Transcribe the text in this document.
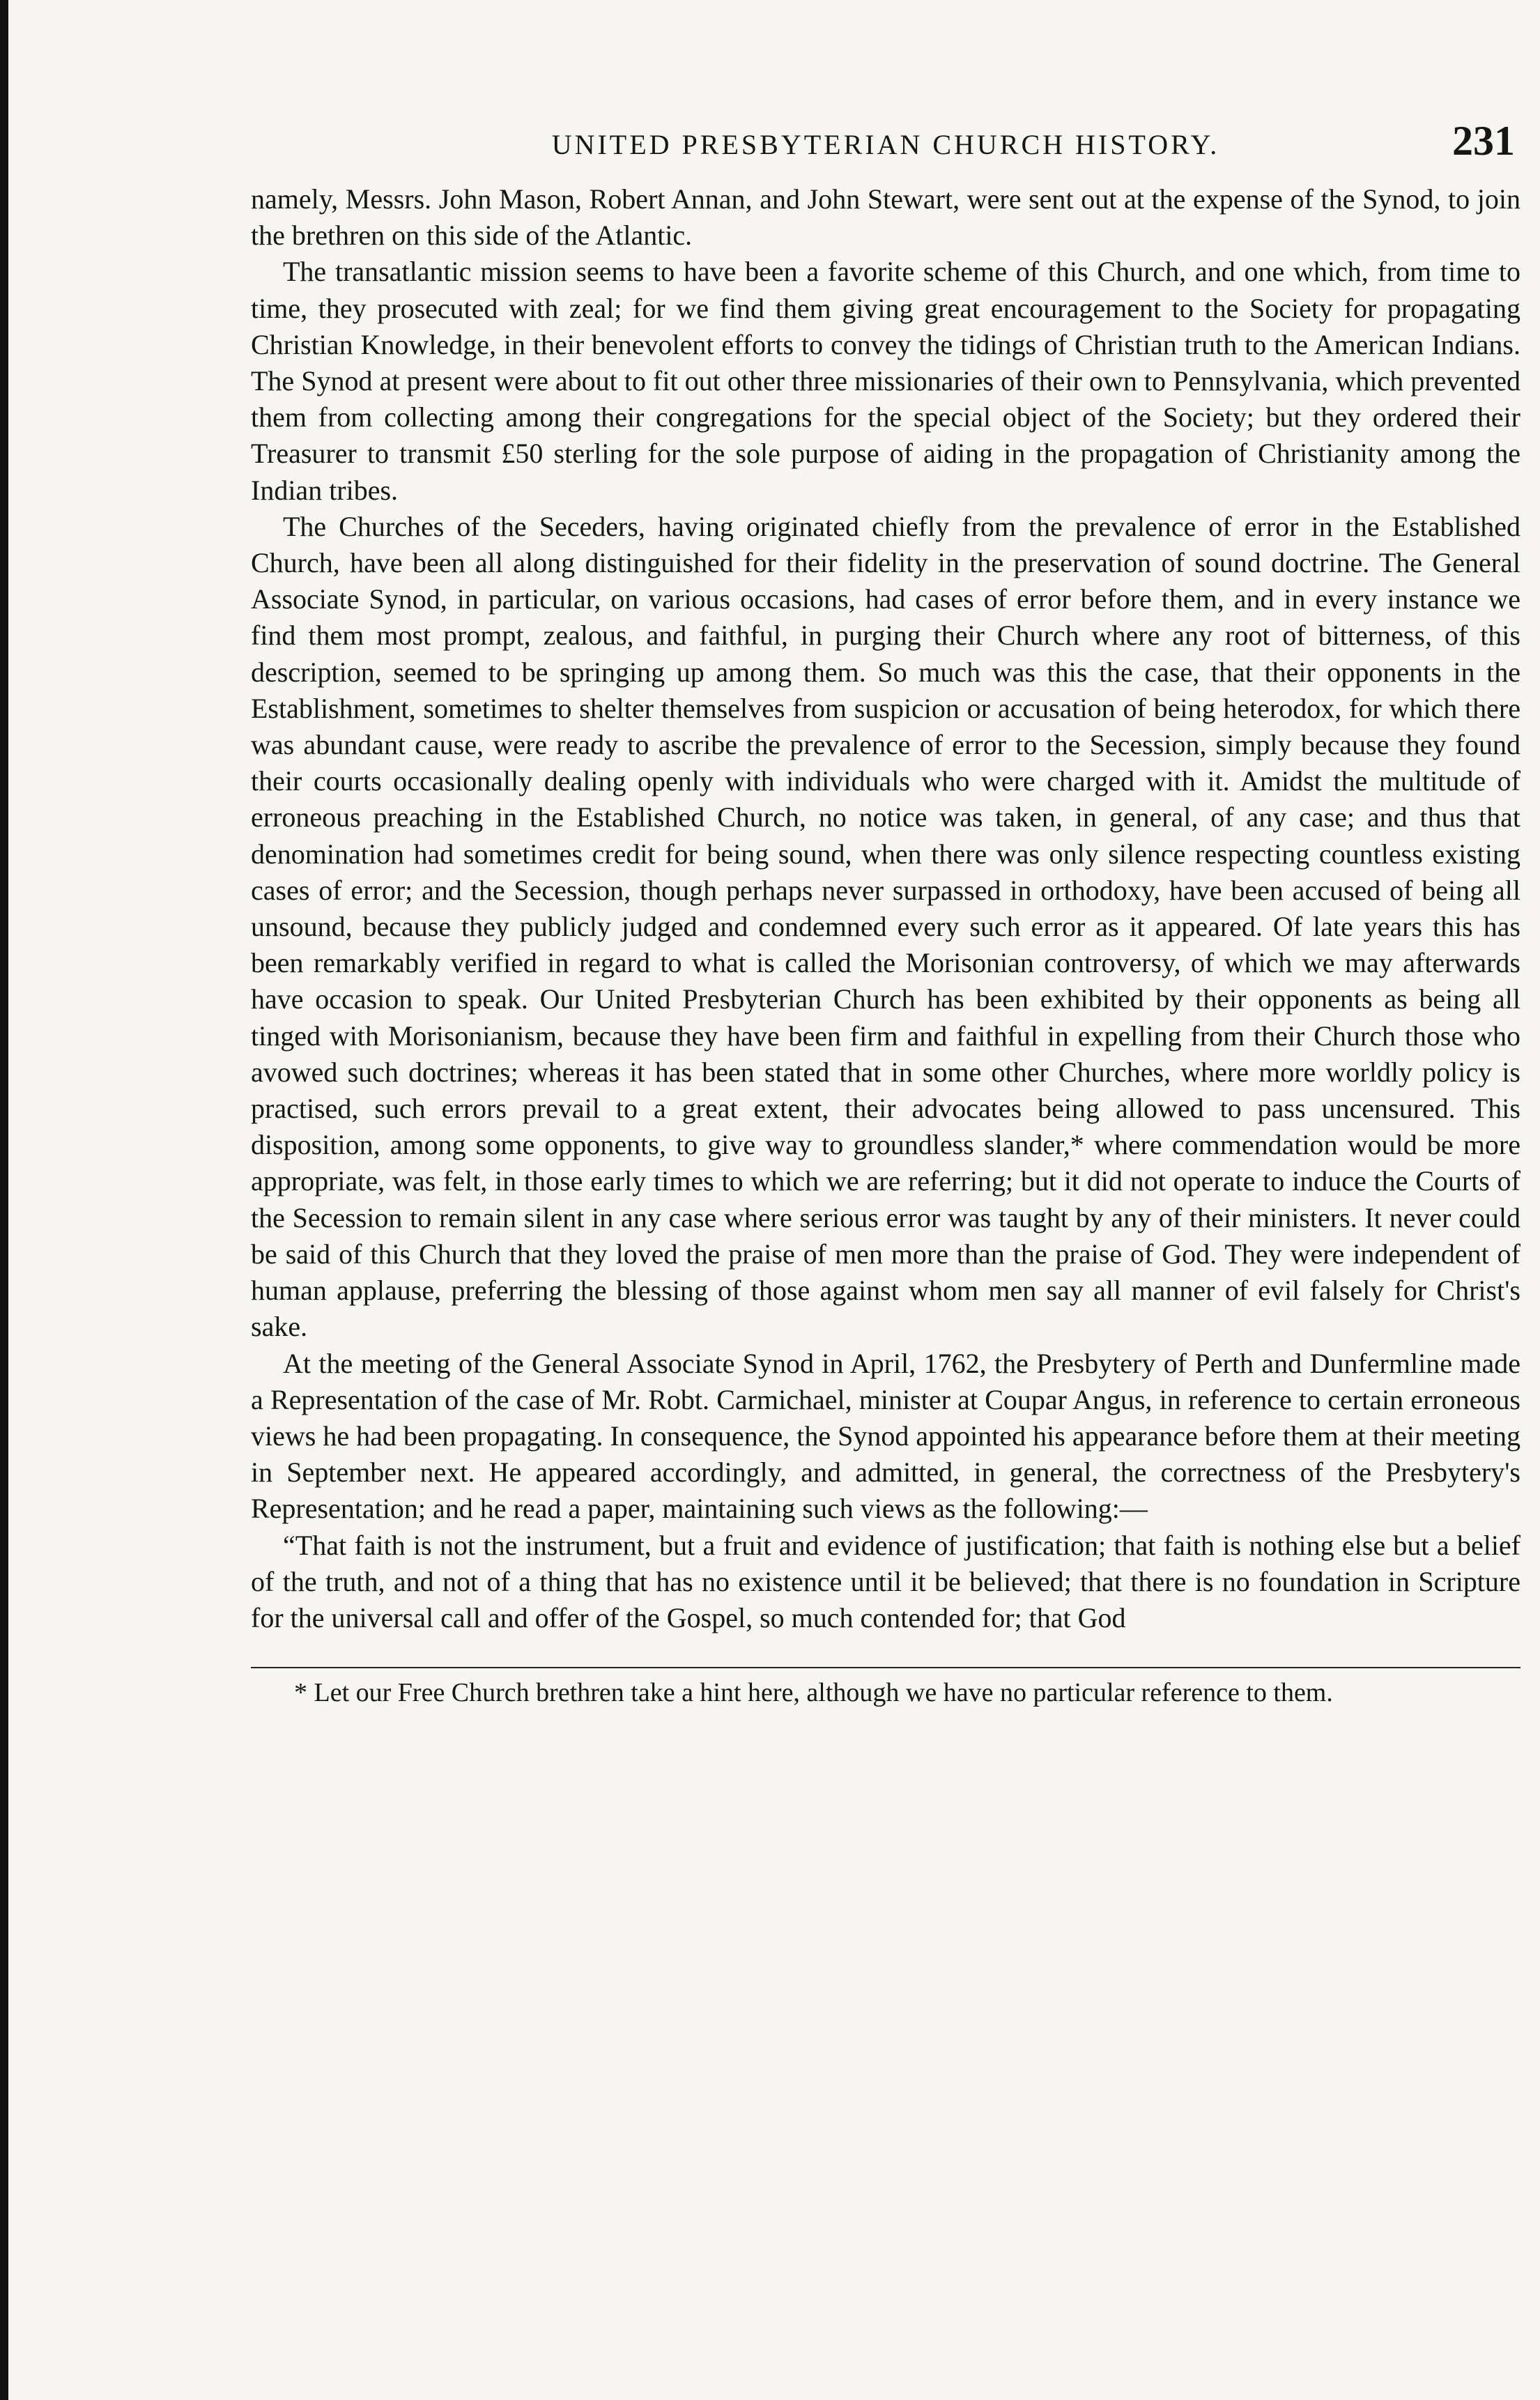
UNITED PRESBYTERIAN CHURCH HISTORY.	231

namely, Messrs. John Mason, Robert Annan, and John Stewart, were sent out at the expense of the Synod, to join the brethren on this side of the Atlantic.

The transatlantic mission seems to have been a favorite scheme of this Church, and one which, from time to time, they prosecuted with zeal; for we find them giving great encouragement to the Society for propagating Christian Knowledge, in their benevolent efforts to convey the tidings of Christian truth to the American Indians. The Synod at present were about to fit out other three missionaries of their own to Pennsylvania, which prevented them from collecting among their congregations for the special object of the Society; but they ordered their Treasurer to transmit £50 sterling for the sole purpose of aiding in the propagation of Christianity among the Indian tribes.

The Churches of the Seceders, having originated chiefly from the prevalence of error in the Established Church, have been all along distinguished for their fidelity in the preservation of sound doctrine. The General Associate Synod, in particular, on various occasions, had cases of error before them, and in every instance we find them most prompt, zealous, and faithful, in purging their Church where any root of bitterness, of this description, seemed to be springing up among them. So much was this the case, that their opponents in the Establishment, sometimes to shelter themselves from suspicion or accusation of being heterodox, for which there was abundant cause, were ready to ascribe the prevalence of error to the Secession, simply because they found their courts occasionally dealing openly with individuals who were charged with it. Amidst the multitude of erroneous preaching in the Established Church, no notice was taken, in general, of any case; and thus that denomination had sometimes credit for being sound, when there was only silence respecting countless existing cases of error; and the Secession, though perhaps never surpassed in orthodoxy, have been accused of being all unsound, because they publicly judged and condemned every such error as it appeared. Of late years this has been remarkably verified in regard to what is called the Morisonian controversy, of which we may afterwards have occasion to speak. Our United Presbyterian Church has been exhibited by their opponents as being all tinged with Morisonianism, because they have been firm and faithful in expelling from their Church those who avowed such doctrines; whereas it has been stated that in some other Churches, where more worldly policy is practised, such errors prevail to a great extent, their advocates being allowed to pass uncensured. This disposition, among some opponents, to give way to groundless slander,* where commendation would be more appropriate, was felt, in those early times to which we are referring; but it did not operate to induce the Courts of the Secession to remain silent in any case where serious error was taught by any of their ministers. It never could be said of this Church that they loved the praise of men more than the praise of God. They were independent of human applause, preferring the blessing of those against whom men say all manner of evil falsely for Christ's sake.

At the meeting of the General Associate Synod in April, 1762, the Presbytery of Perth and Dunfermline made a Representation of the case of Mr. Robt. Carmichael, minister at Coupar Angus, in reference to certain erroneous views he had been propagating. In consequence, the Synod appointed his appearance before them at their meeting in September next. He appeared accordingly, and admitted, in general, the correctness of the Presbytery's Representation; and he read a paper, maintaining such views as the following:—

“That faith is not the instrument, but a fruit and evidence of justification; that faith is nothing else but a belief of the truth, and not of a thing that has no existence until it be believed; that there is no foundation in Scripture for the universal call and offer of the Gospel, so much contended for; that God

* Let our Free Church brethren take a hint here, although we have no particular reference to them.
